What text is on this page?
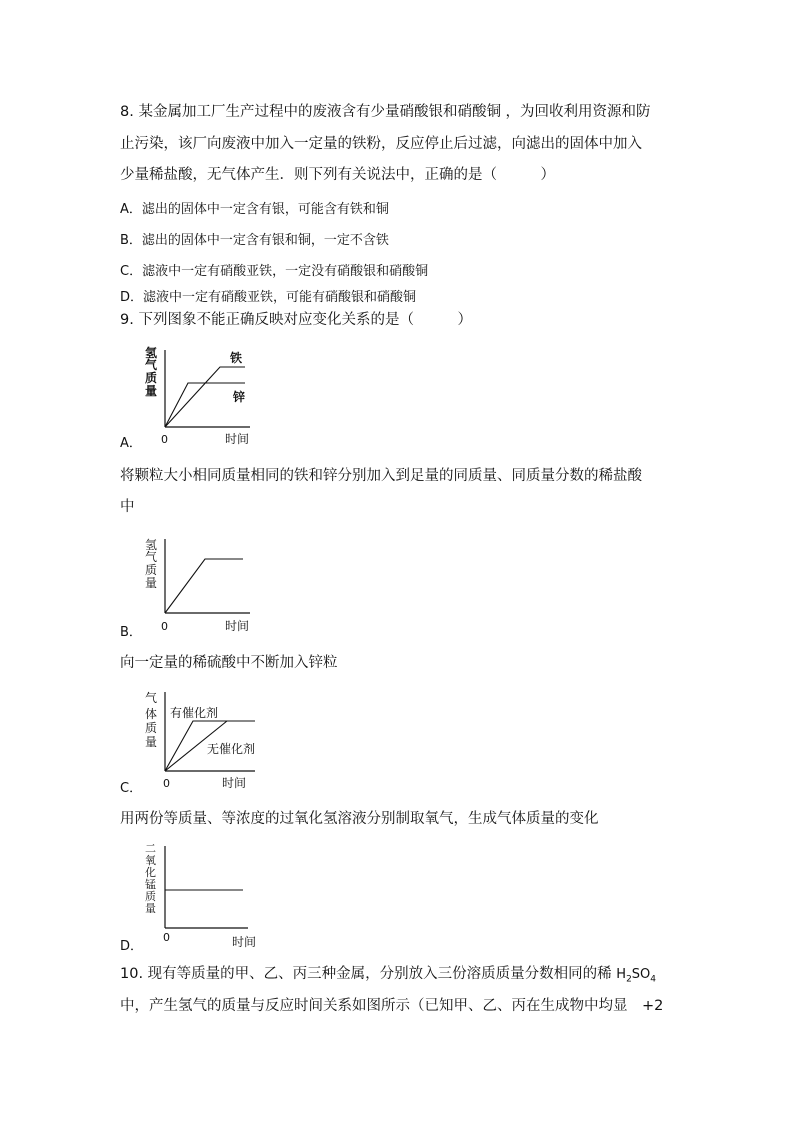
8. 某金属加工厂生产过程中的废液含有少量硝酸银和硝酸铜 ，为回收利用资源和防
止污染，该厂向废液中加入一定量的铁粉，反应停止后过滤，向滤出的固体中加入
少量稀盐酸，无气体产生．则下列有关说法中，正确的是（　　　）
A．滤出的固体中一定含有银，可能含有铁和铜
B．滤出的固体中一定含有银和铜，一定不含铁
C．滤液中一定有硝酸亚铁，一定没有硝酸银和硝酸铜
D．滤液中一定有硝酸亚铁，可能有硝酸银和硝酸铜
9. 下列图象不能正确反映对应变化关系的是（　　　）
氢
气
质
量
铁
锌
0	时间
A．
将颗粒大小相同质量相同的铁和锌分别加入到足量的同质量、同质量分数的稀盐酸
中
氢
气
质
量
0	时间
B．
向一定量的稀硫酸中不断加入锌粒
气
体
质
量
有催化剂
无催化剂
0	时间
C．
用两份等质量、等浓度的过氧化氢溶液分别制取氧气，生成气体质量的变化
二
氧
化
锰
质
量
0	时间
D．
10. 现有等质量的甲、乙、丙三种金属，分别放入三份溶质质量分数相同的稀 $H_2SO_4$
中，产生氢气的质量与反应时间关系如图所示（已知甲、乙、丙在生成物中均显　+2
